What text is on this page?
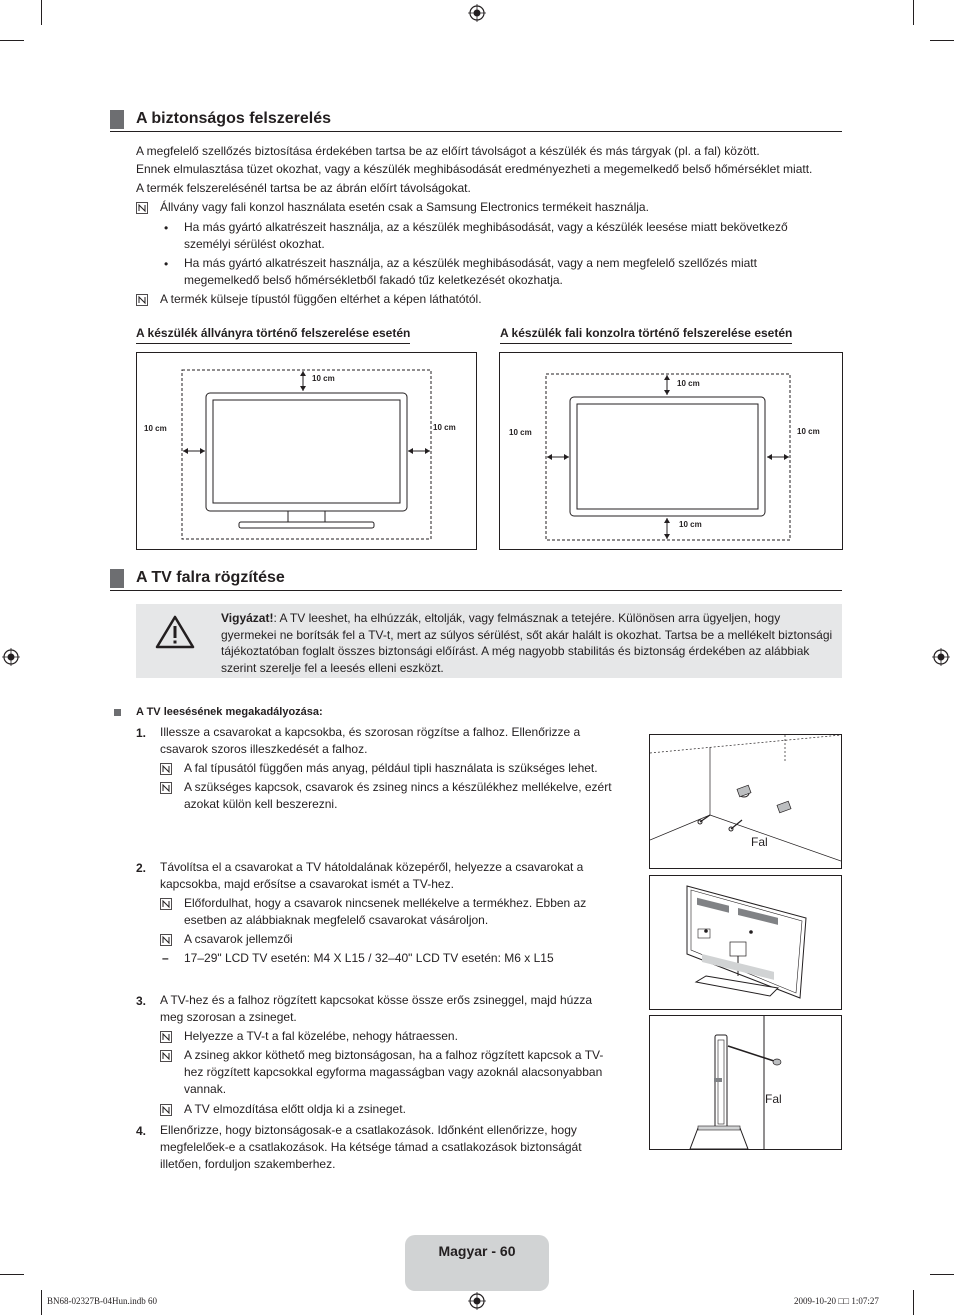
A biztonságos felszerelés
A megfelelő szellőzés biztosítása érdekében tartsa be az előírt távolságot a készülék és más tárgyak (pl. a fal) között.
Ennek elmulasztása tüzet okozhat, vagy a készülék meghibásodását eredményezheti a megemelkedő belső hőmérséklet miatt.
A termék felszerelésénél tartsa be az ábrán előírt távolságokat.
Állvány vagy fali konzol használata esetén csak a Samsung Electronics termékeit használja.
• Ha más gyártó alkatrészeit használja, az a készülék meghibásodását, vagy a készülék leesése miatt bekövetkező személyi sérülést okozhat.
• Ha más gyártó alkatrészeit használja, az a készülék meghibásodását, vagy a nem megfelelő szellőzés miatt megemelkedő belső hőmérsékletből fakadó tűz keletkezését okozhatja.
A termék külseje típustól függően eltérhet a képen láthatótól.
A készülék állványra történő felszerelése esetén	A készülék fali konzolra történő felszerelése esetén
10 cm
10 cm	10 cm
10 cm
10 cm
10 cm	10 cm
A TV falra rögzítése
Vigyázat!: A TV leeshet, ha elhúzzák, eltolják, vagy felmásznak a tetejére. Különösen arra ügyeljen, hogy gyermekei ne borítsák fel a TV-t, mert az súlyos sérülést, sőt akár halált is okozhat. Tartsa be a mellékelt biztonsági tájékoztatóban foglalt összes biztonsági előírást. A még nagyobb stabilitás és biztonság érdekében az alábbiak szerint szerelje fel a leesés elleni eszközt.
A TV leesésének megakadályozása:
1. Illessze a csavarokat a kapcsokba, és szorosan rögzítse a falhoz. Ellenőrizze a csavarok szoros illeszkedését a falhoz.
A fal típusától függően más anyag, például tipli használata is szükséges lehet.
A szükséges kapcsok, csavarok és zsineg nincs a készülékhez mellékelve, ezért azokat külön kell beszerezni.
2. Távolítsa el a csavarokat a TV hátoldalának közepéről, helyezze a csavarokat a kapcsokba, majd erősítse a csavarokat ismét a TV-hez.
Előfordulhat, hogy a csavarok nincsenek mellékelve a termékhez. Ebben az esetben az alábbiaknak megfelelő csavarokat vásároljon.
A csavarok jellemzői
– 17–29" LCD TV esetén: M4 X L15 / 32–40" LCD TV esetén: M6 x L15
3. A TV-hez és a falhoz rögzített kapcsokat kösse össze erős zsineggel, majd húzza meg szorosan a zsineget.
Helyezze a TV-t a fal közelébe, nehogy hátraessen.
A zsineg akkor köthető meg biztonságosan, ha a falhoz rögzített kapcsok a TV-hez rögzített kapcsokkal egyforma magasságban vagy azoknál alacsonyabban vannak.
A TV elmozdítása előtt oldja ki a zsineget.
4. Ellenőrizze, hogy biztonságosak-e a csatlakozások. Időnként ellenőrizze, hogy megfelelőek-e a csatlakozások. Ha kétsége támad a csatlakozások biztonságát illetően, forduljon szakemberhez.
Fal
Fal
Magyar - 60
BN68-02327B-04Hun.indb 60	2009-10-20 □□ 1:07:27
